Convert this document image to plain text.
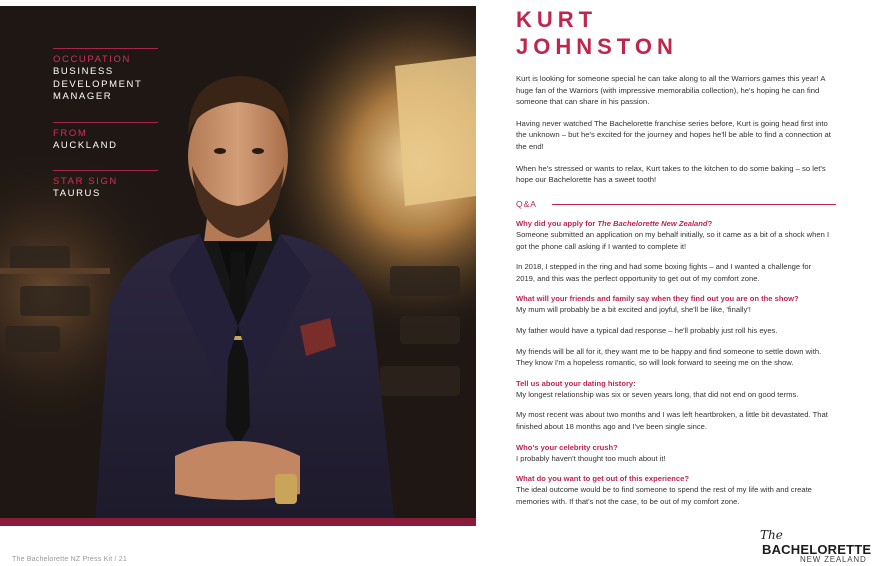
OCCUPATION
BUSINESS DEVELOPMENT MANAGER
FROM
AUCKLAND
STAR SIGN
TAURUS
KURT
JOHNSTON

Kurt is looking for someone special he can take along to all the Warriors games this year! A huge fan of the Warriors (with impressive memorabilia collection), he's hoping he can find someone that can share in his passion.

Having never watched The Bachelorette franchise series before, Kurt is going head first into the unknown – but he's excited for the journey and hopes he'll be able to find a connection at the end!

When he's stressed or wants to relax, Kurt takes to the kitchen to do some baking – so let's hope our Bachelorette has a sweet tooth!

Q&A
Why did you apply for The Bachelorette New Zealand?

Someone submitted an application on my behalf initially, so it came as a bit of a shock when I got the phone call asking if I wanted to complete it!

In 2018, I stepped in the ring and had some boxing fights – and I wanted a challenge for 2019, and this was the perfect opportunity to get out of my comfort zone.

What will your friends and family say when they find out you are on the show?

My mum will probably be a bit excited and joyful, she'll be like, 'finally'!

My father would have a typical dad response – he'll probably just roll his eyes.

My friends will be all for it, they want me to be happy and find someone to settle down with. They know I'm a hopeless romantic, so will look forward to seeing me on the show.

Tell us about your dating history:

My longest relationship was six or seven years long, that did not end on good terms.

My most recent was about two months and I was left heartbroken, a little bit devastated. That finished about 18 months ago and I've been single since.

Who's your celebrity crush?

I probably haven't thought too much about it!

What do you want to get out of this experience?

The ideal outcome would be to find someone to spend the rest of my life with and create memories with. If that's not the case, to be out of my comfort zone.

The Bachelorette NZ Press Kit / 21
The
BACHELORETTE
NEW ZEALAND
